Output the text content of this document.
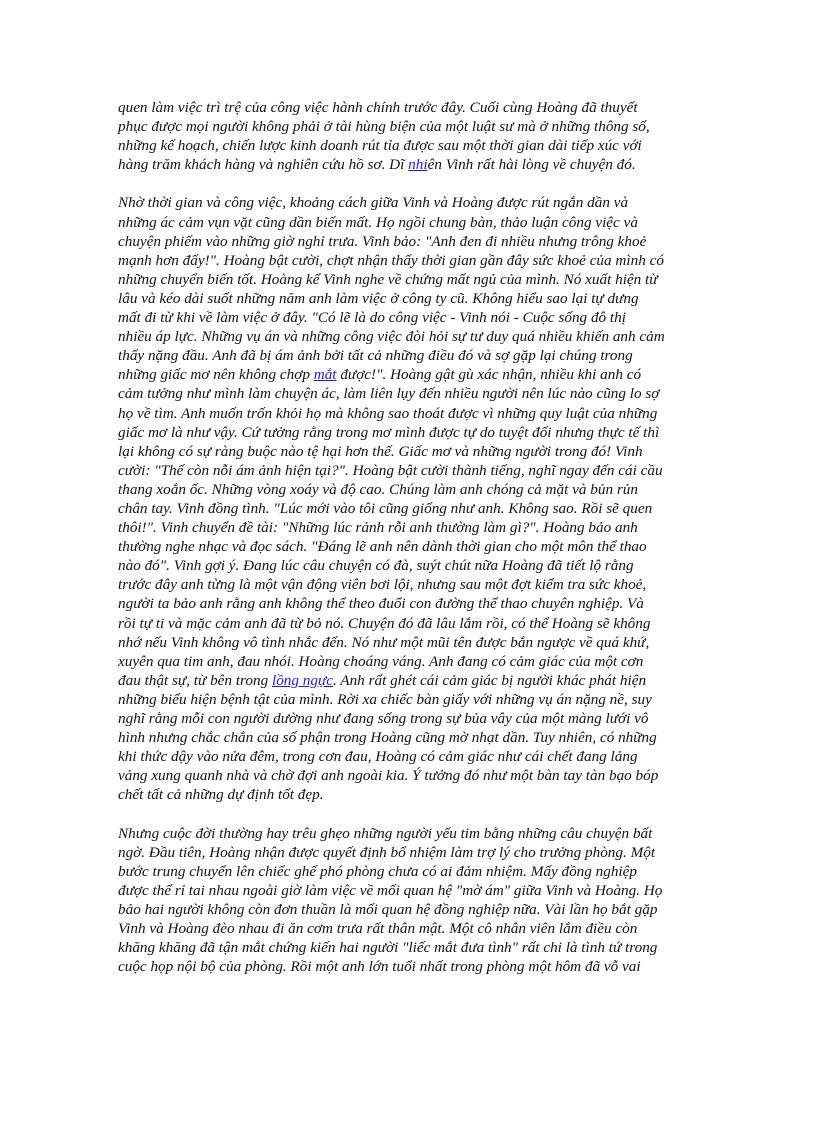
quen làm việc trì trệ của công việc hành chính trước đây. Cuối cùng Hoàng đã thuyết
phục được mọi người không phải ở tài hùng biện của một luật sư mà ở những thông số,
những kế hoạch, chiến lược kinh doanh rút tỉa được sau một thời gian dài tiếp xúc với
hàng trăm khách hàng và nghiên cứu hồ sơ. Dĩ nhiên Vinh rất hài lòng về chuyện đó.

Nhờ thời gian và công việc, khoảng cách giữa Vinh và Hoàng được rút ngắn dần và
những ác cảm vụn vặt cũng dần biến mất. Họ ngồi chung bàn, thảo luận công việc và
chuyện phiếm vào những giờ nghỉ trưa. Vinh bảo: "Anh đen đi nhiều nhưng trông khoẻ
mạnh hơn đấy!". Hoàng bật cười, chợt nhận thấy thời gian gần đây sức khoẻ của mình có
những chuyển biến tốt. Hoàng kể Vinh nghe về chứng mất ngủ của mình. Nó xuất hiện từ
lâu và kéo dài suốt những năm anh làm việc ở công ty cũ. Không hiểu sao lại tự dưng
mất đi từ khi về làm việc ở đây. "Có lẽ là do công việc - Vinh nói - Cuộc sống đô thị
nhiều áp lực. Những vụ án và những công việc đòi hỏi sự tư duy quá nhiều khiến anh cảm
thấy nặng đầu. Anh đã bị ám ảnh bởi tất cả những điều đó và sợ gặp lại chúng trong
những giấc mơ nên không chợp mắt được!". Hoàng gật gù xác nhận, nhiều khi anh có
cảm tưởng như mình làm chuyện ác, làm liên lụy đến nhiều người nên lúc nào cũng lo sợ
họ về tìm. Anh muốn trốn khỏi họ mà không sao thoát được vì những quy luật của những
giấc mơ là như vậy. Cứ tưởng rằng trong mơ mình được tự do tuyệt đối nhưng thực tế thì
lại không có sự ràng buộc nào tệ hại hơn thế. Giấc mơ và những người trong đó! Vinh
cười: "Thế còn nỗi ám ảnh hiện tại?". Hoàng bật cười thành tiếng, nghĩ ngay đến cái cầu
thang xoắn ốc. Những vòng xoáy và độ cao. Chúng làm anh chóng cả mặt và bủn rủn
chân tay. Vinh đồng tình. "Lúc mới vào tôi cũng giống như anh. Không sao. Rồi sẽ quen
thôi!". Vinh chuyển đề tài: "Những lúc rảnh rỗi anh thường làm gì?". Hoàng bảo anh
thường nghe nhạc và đọc sách. "Đáng lẽ anh nên dành thời gian cho một môn thể thao
nào đó". Vinh gợi ý. Đang lúc câu chuyện có đà, suýt chút nữa Hoàng đã tiết lộ rằng
trước đây anh từng là một vận động viên bơi lội, nhưng sau một đợt kiểm tra sức khoẻ,
người ta bảo anh rằng anh không thể theo đuổi con đường thể thao chuyên nghiệp. Và
rồi tự ti và mặc cảm anh đã từ bỏ nó. Chuyện đó đã lâu lắm rồi, có thể Hoàng sẽ không
nhớ nếu Vinh không vô tình nhắc đến. Nó như một mũi tên được bắn ngược về quá khứ,
xuyên qua tim anh, đau nhói. Hoàng choáng váng. Anh đang có cảm giác của một cơn
đau thật sự, từ bên trong lồng ngực. Anh rất ghét cái cảm giác bị người khác phát hiện
những biểu hiện bệnh tật của mình. Rời xa chiếc bàn giấy với những vụ án nặng nề, suy
nghĩ rằng mỗi con người dường như đang sống trong sự bủa vây của một màng lưới vô
hình nhưng chắc chắn của số phận trong Hoàng cũng mờ nhạt dần. Tuy nhiên, có những
khi thức dậy vào nửa đêm, trong cơn đau, Hoàng có cảm giác như cái chết đang lảng
vảng xung quanh nhà và chờ đợi anh ngoài kia. Ý tưởng đó như một bàn tay tàn bạo bóp
chết tất cả những dự định tốt đẹp.

Nhưng cuộc đời thường hay trêu ghẹo những người yếu tim bằng những câu chuyện bất
ngờ. Đầu tiên, Hoàng nhận được quyết định bổ nhiệm làm trợ lý cho trưởng phòng. Một
bước trung chuyển lên chiếc ghế phó phòng chưa có ai đảm nhiệm. Mấy đồng nghiệp
được thể rỉ tai nhau ngoài giờ làm việc về mối quan hệ "mờ ám" giữa Vinh và Hoàng. Họ
bảo hai người không còn đơn thuần là mối quan hệ đồng nghiệp nữa. Vài lần họ bắt gặp
Vinh và Hoàng đèo nhau đi ăn cơm trưa rất thân mật. Một cô nhân viên lắm điều còn
khăng khăng đã tận mắt chứng kiến hai người "liếc mắt đưa tình" rất chi là tình tứ trong
cuộc họp nội bộ của phòng. Rồi một anh lớn tuổi nhất trong phòng một hôm đã vỗ vai
